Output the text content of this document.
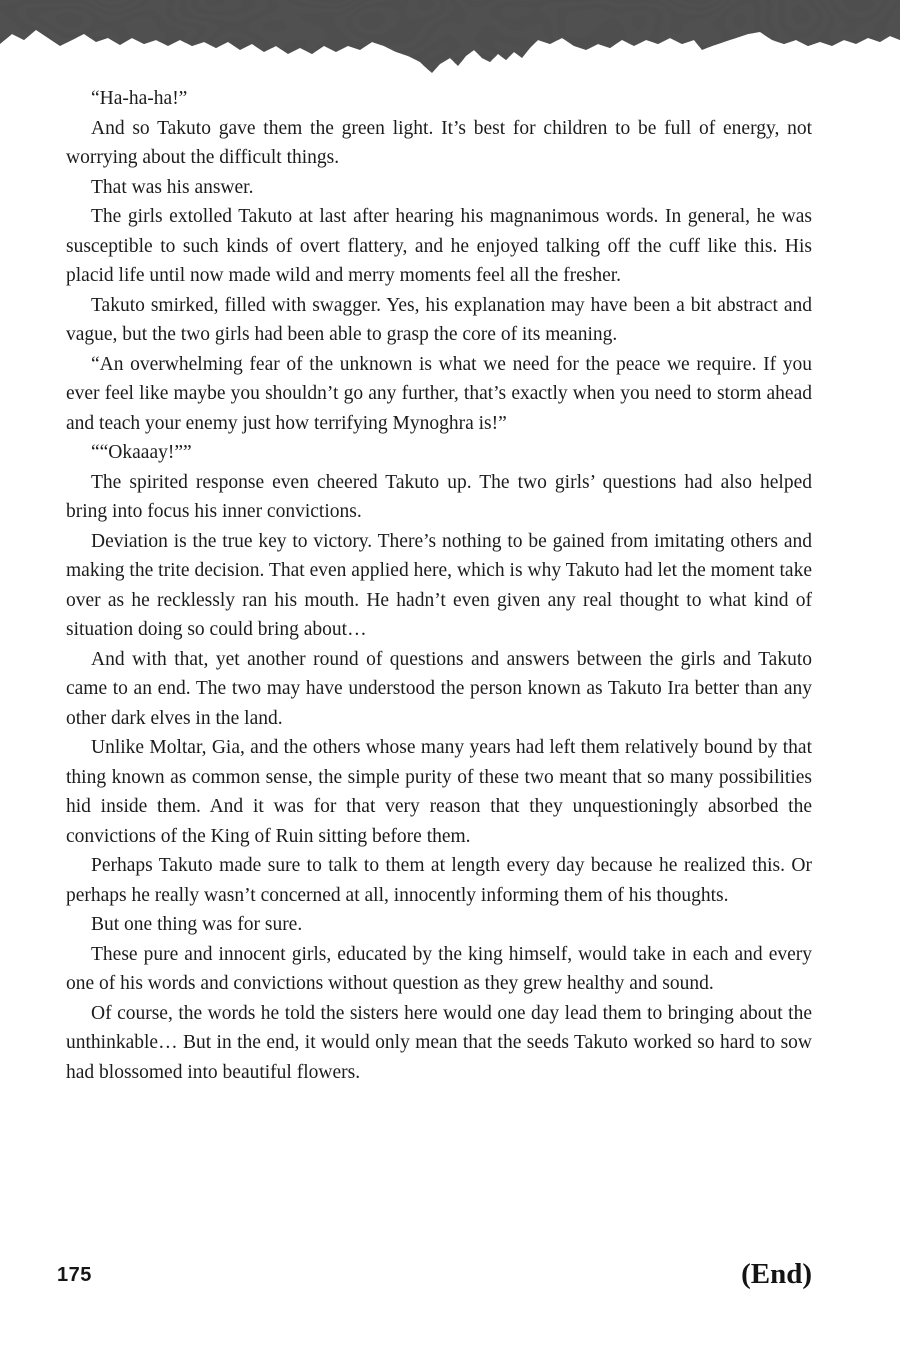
“Ha-ha-ha!”

And so Takuto gave them the green light. It’s best for children to be full of energy, not worrying about the difficult things.

That was his answer.

The girls extolled Takuto at last after hearing his magnanimous words. In general, he was susceptible to such kinds of overt flattery, and he enjoyed talking off the cuff like this. His placid life until now made wild and merry moments feel all the fresher.

Takuto smirked, filled with swagger. Yes, his explanation may have been a bit abstract and vague, but the two girls had been able to grasp the core of its meaning.

“An overwhelming fear of the unknown is what we need for the peace we require. If you ever feel like maybe you shouldn’t go any further, that’s exactly when you need to storm ahead and teach your enemy just how terrifying Mynoghra is!”

““Okaaay!””

The spirited response even cheered Takuto up. The two girls’ questions had also helped bring into focus his inner convictions.

Deviation is the true key to victory. There’s nothing to be gained from imitating others and making the trite decision. That even applied here, which is why Takuto had let the moment take over as he recklessly ran his mouth. He hadn’t even given any real thought to what kind of situation doing so could bring about…

And with that, yet another round of questions and answers between the girls and Takuto came to an end. The two may have understood the person known as Takuto Ira better than any other dark elves in the land.

Unlike Moltar, Gia, and the others whose many years had left them relatively bound by that thing known as common sense, the simple purity of these two meant that so many possibilities hid inside them. And it was for that very reason that they unquestioningly absorbed the convictions of the King of Ruin sitting before them.

Perhaps Takuto made sure to talk to them at length every day because he realized this. Or perhaps he really wasn’t concerned at all, innocently informing them of his thoughts.

But one thing was for sure.

These pure and innocent girls, educated by the king himself, would take in each and every one of his words and convictions without question as they grew healthy and sound.

Of course, the words he told the sisters here would one day lead them to bringing about the unthinkable… But in the end, it would only mean that the seeds Takuto worked so hard to sow had blossomed into beautiful flowers.

175	(End)
